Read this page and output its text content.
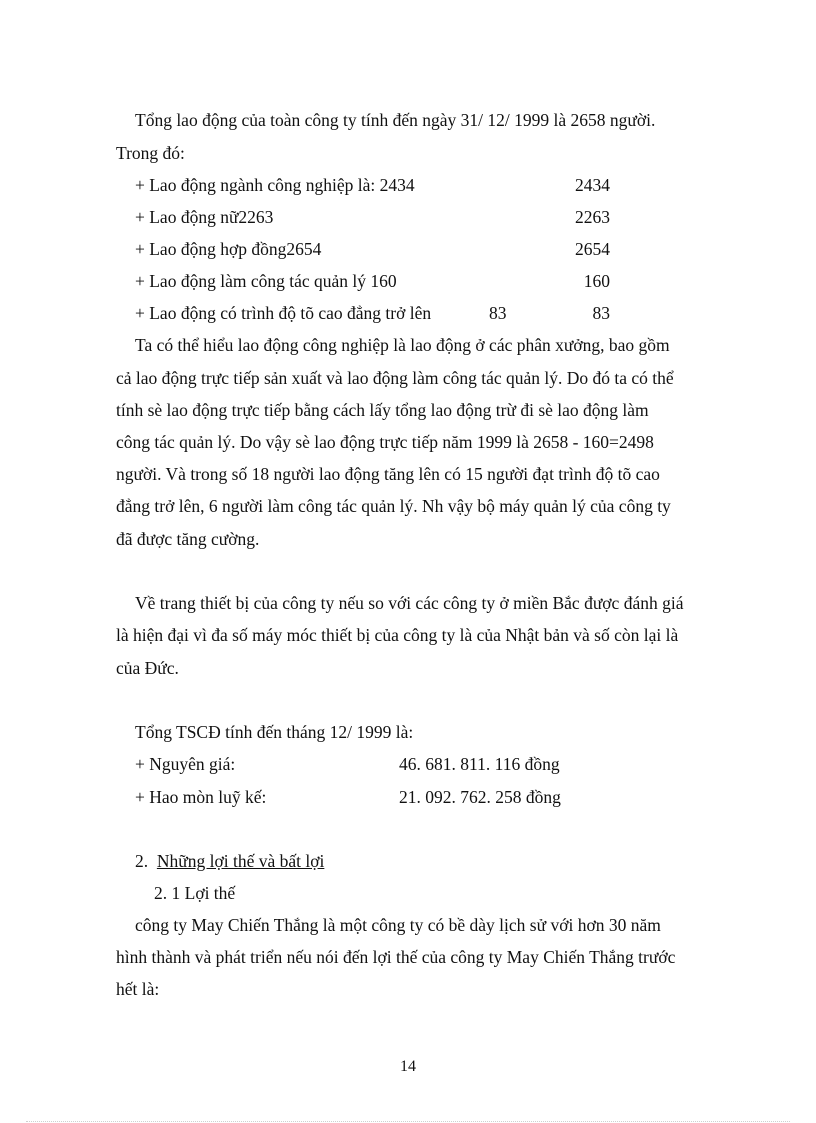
Tổng lao động của toàn công ty tính đến ngày 31/ 12/ 1999 là 2658 người.
Trong đó:
+ Lao động ngành công nghiệp là: 2434	2434
+ Lao động nữ2263	2263
+ Lao động hợp đồng2654	2654
+ Lao động làm công tác quản lý 160	160
+ Lao động có trình độ tõ cao đẳng trở lên	83	83
Ta có thể hiểu lao động công nghiệp là lao động ở các phân xưởng, bao gồm
cả lao động trực tiếp sản xuất và lao động làm công tác quản lý. Do đó ta có thể
tính sè lao động trực tiếp bằng cách lấy tổng lao động trừ đi sè lao động làm
công tác quản lý. Do vậy sè lao động trực tiếp năm 1999 là 2658 - 160=2498
người. Và trong số 18 người lao động tăng lên có 15 người đạt trình độ tõ cao
đẳng trở lên, 6 người làm công tác quản lý. Nh vậy bộ máy quản lý của công ty
đã được tăng cường.
Về trang thiết bị của công ty nếu so với các công ty ở miền Bắc được đánh giá
là hiện đại vì đa số máy móc thiết bị của công ty là của Nhật bản và số còn lại là
của Đức.
Tổng TSCĐ tính đến tháng 12/ 1999 là:
+ Nguyên giá:	46. 681. 811. 116 đồng
+ Hao mòn luỹ kế:	21. 092. 762. 258 đồng
2. Những lợi thế và bất lợi
2. 1 Lợi thế
công ty May Chiến Thắng là một công ty có bề dày lịch sử với hơn 30 năm
hình thành và phát triển nếu nói đến lợi thế của công ty May Chiến Thắng trước
hết là:
14
